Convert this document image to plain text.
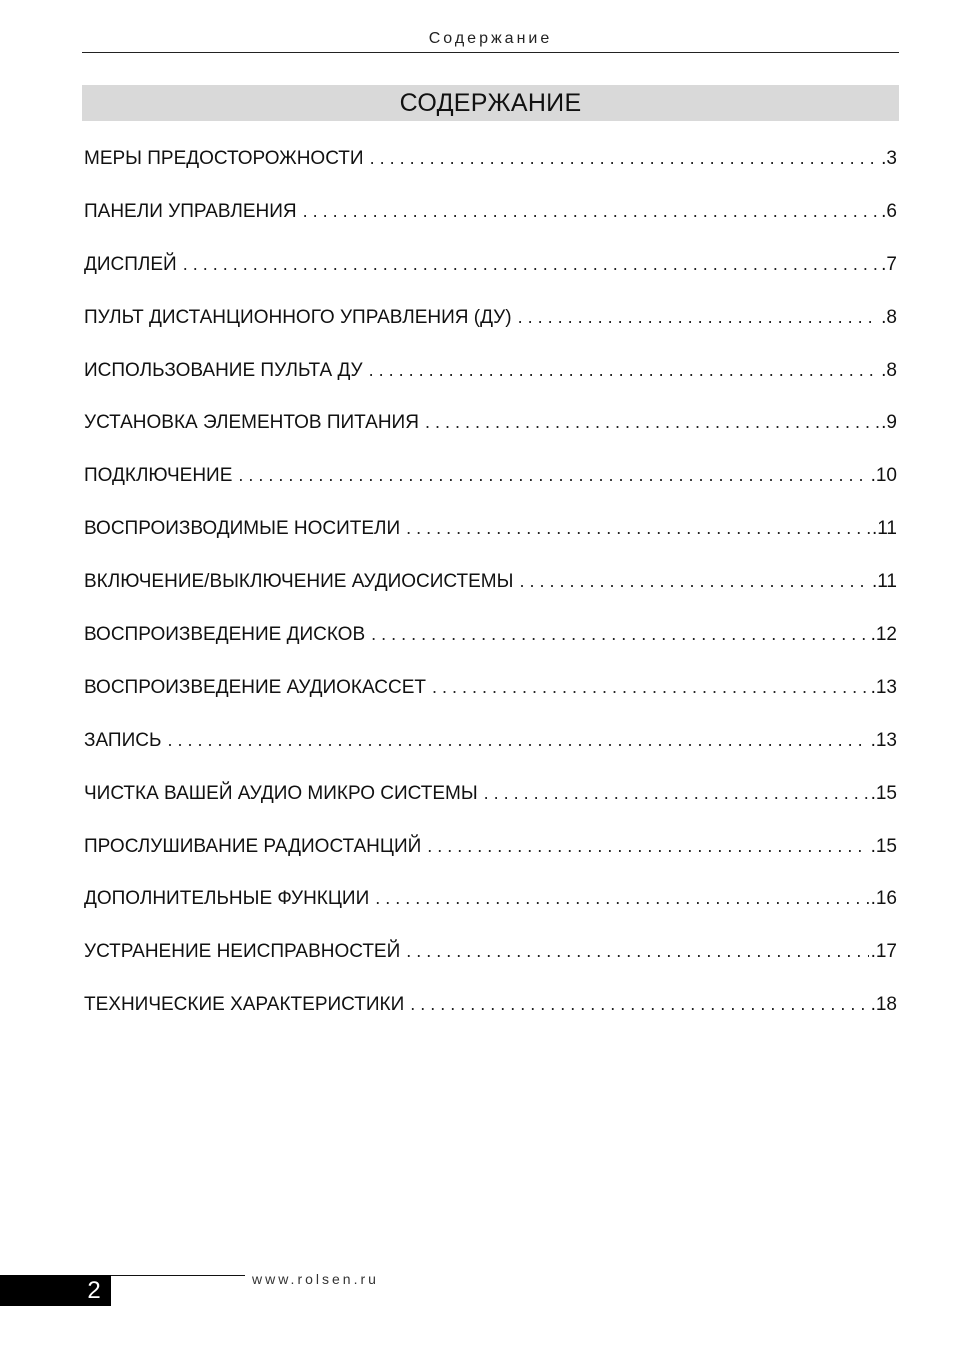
Содержание
СОДЕРЖАНИЕ
МЕРЫ ПРЕДОСТОРОЖНОСТИ . . .	.3
ПАНЕЛИ УПРАВЛЕНИЯ . . .	.6
ДИСПЛЕЙ . . .	.7
ПУЛЬТ ДИСТАНЦИОННОГО УПРАВЛЕНИЯ (ДУ) . . .	.8
ИСПОЛЬЗОВАНИЕ ПУЛЬТА ДУ . . .	.8
УСТАНОВКА ЭЛЕМЕНТОВ ПИТАНИЯ . . .	.9
ПОДКЛЮЧЕНИЕ . . .	.10
ВОСПРОИЗВОДИМЫЕ НОСИТЕЛИ . . .	.11
ВКЛЮЧЕНИЕ/ВЫКЛЮЧЕНИЕ АУДИОСИСТЕМЫ . . .	.11
ВОСПРОИЗВЕДЕНИЕ ДИСКОВ . . .	.12
ВОСПРОИЗВЕДЕНИЕ АУДИОКАССЕТ . . .	.13
ЗАПИСЬ . . .	.13
ЧИСТКА ВАШЕЙ АУДИО МИКРО СИСТЕМЫ . . .	.15
ПРОСЛУШИВАНИЕ РАДИОСТАНЦИЙ . . .	.15
ДОПОЛНИТЕЛЬНЫЕ ФУНКЦИИ . . .	.16
УСТРАНЕНИЕ НЕИСПРАВНОСТЕЙ . . .	.17
ТЕХНИЧЕСКИЕ ХАРАКТЕРИСТИКИ . . .	.18
2	www.rolsen.ru
